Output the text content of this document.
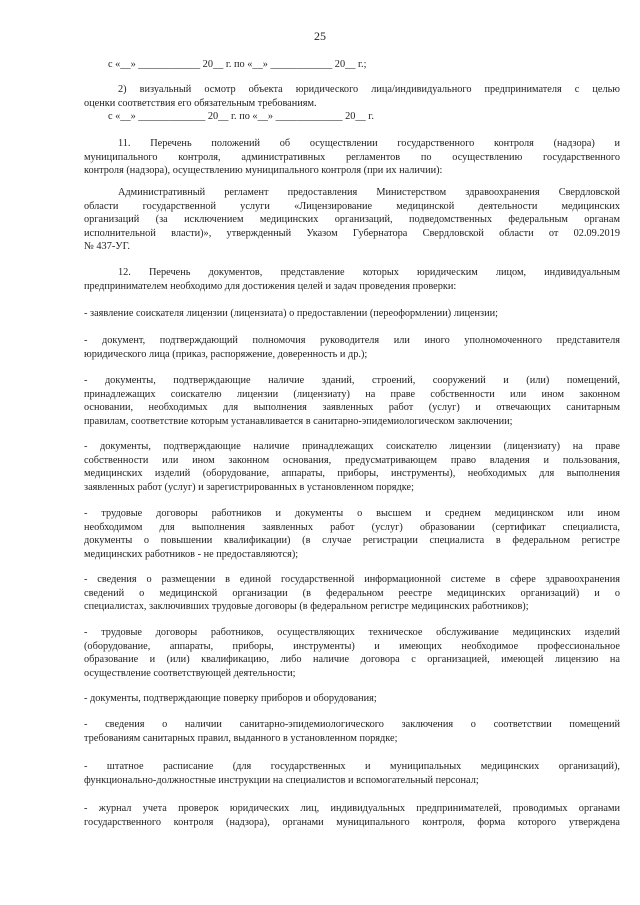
25

с «__» ____________ 20__ г. по «__» ____________ 20__ г.;

2) визуальный осмотр объекта юридического лица/индивидуального предпринимателя с целью
оценки соответствия его обязательным требованиям.

с «__» _____________ 20__ г. по «__» _____________ 20__ г.

11. Перечень положений об осуществлении государственного контроля (надзора) и
муниципального контроля, административных регламентов по осуществлению государственного
контроля (надзора), осуществлению муниципального контроля (при их наличии):

Административный регламент предоставления Министерством здравоохранения Свердловской
области государственной услуги «Лицензирование медицинской деятельности медицинских
организаций (за исключением медицинских организаций, подведомственных федеральным органам
исполнительной власти)», утвержденный Указом Губернатора Свердловской области от 02.09.2019
№ 437-УГ.

12. Перечень документов, представление которых юридическим лицом, индивидуальным
предпринимателем необходимо для достижения целей и задач проведения проверки:

- заявление соискателя лицензии (лицензиата) о предоставлении (переоформлении) лицензии;

- документ, подтверждающий полномочия руководителя или иного уполномоченного представителя
юридического лица (приказ, распоряжение, доверенность и др.);

- документы, подтверждающие наличие зданий, строений, сооружений и (или) помещений,
принадлежащих соискателю лицензии (лицензиату) на праве собственности или ином законном
основании, необходимых для выполнения заявленных работ (услуг) и отвечающих санитарным
правилам, соответствие которым устанавливается в санитарно-эпидемиологическом заключении;

- документы, подтверждающие наличие принадлежащих соискателю лицензии (лицензиату) на праве
собственности или ином законном основания, предусматривающем право владения и пользования,
медицинских изделий (оборудование, аппараты, приборы, инструменты), необходимых для выполнения
заявленных работ (услуг) и зарегистрированных в установленном порядке;

- трудовые договоры работников и документы о высшем и среднем медицинском или ином
необходимом для выполнения заявленных работ (услуг) образовании (сертификат специалиста,
документы о повышении квалификации) (в случае регистрации специалиста в федеральном регистре
медицинских работников - не предоставляются);

- сведения о размещении в единой государственной информационной системе в сфере здравоохранения
сведений о медицинской организации (в федеральном реестре медицинских организаций) и о
специалистах, заключивших трудовые договоры (в федеральном регистре медицинских работников);

- трудовые договоры работников, осуществляющих техническое обслуживание медицинских изделий
(оборудование, аппараты, приборы, инструменты) и имеющих необходимое профессиональное
образование и (или) квалификацию, либо наличие договора с организацией, имеющей лицензию на
осуществление соответствующей деятельности;

- документы, подтверждающие поверку приборов и оборудования;

- сведения о наличии санитарно-эпидемиологического заключения о соответствии помещений
требованиям санитарных правил, выданного в установленном порядке;

- штатное расписание (для государственных и муниципальных медицинских организаций),
функционально-должностные инструкции на специалистов и вспомогательный персонал;

- журнал учета проверок юридических лиц, индивидуальных предпринимателей, проводимых органами
государственного контроля (надзора), органами муниципального контроля, форма которого утверждена
